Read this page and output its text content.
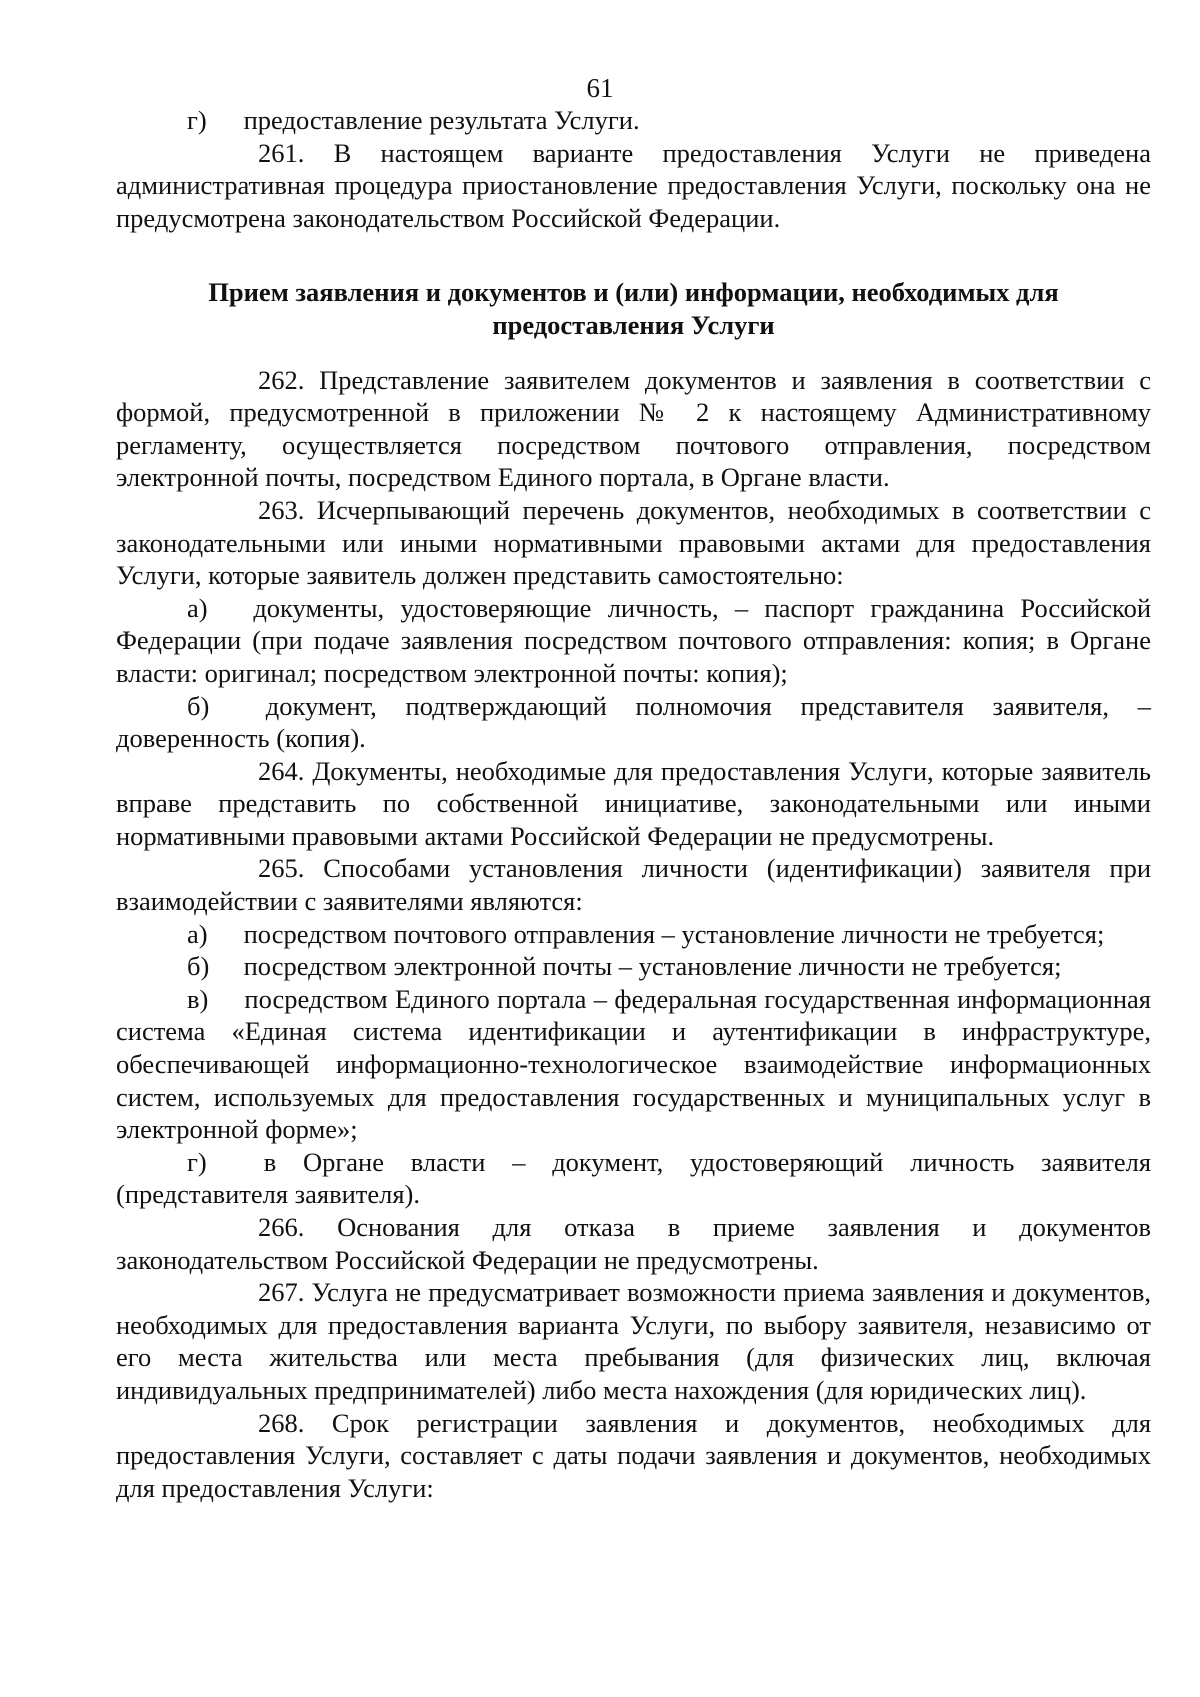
61

г) предоставление результата Услуги.

261. В настоящем варианте предоставления Услуги не приведена административная процедура приостановление предоставления Услуги, поскольку она не предусмотрена законодательством Российской Федерации.

Прием заявления и документов и (или) информации, необходимых для предоставления Услуги

262. Представление заявителем документов и заявления в соответствии с формой, предусмотренной в приложении № 2 к настоящему Административному регламенту, осуществляется посредством почтового отправления, посредством электронной почты, посредством Единого портала, в Органе власти.

263. Исчерпывающий перечень документов, необходимых в соответствии с законодательными или иными нормативными правовыми актами для предоставления Услуги, которые заявитель должен представить самостоятельно:

а) документы, удостоверяющие личность, – паспорт гражданина Российской Федерации (при подаче заявления посредством почтового отправления: копия; в Органе власти: оригинал; посредством электронной почты: копия);

б) документ, подтверждающий полномочия представителя заявителя, – доверенность (копия).

264. Документы, необходимые для предоставления Услуги, которые заявитель вправе представить по собственной инициативе, законодательными или иными нормативными правовыми актами Российской Федерации не предусмотрены.

265. Способами установления личности (идентификации) заявителя при взаимодействии с заявителями являются:

а) посредством почтового отправления – установление личности не требуется;

б) посредством электронной почты – установление личности не требуется;

в) посредством Единого портала – федеральная государственная информационная система «Единая система идентификации и аутентификации в инфраструктуре, обеспечивающей информационно-технологическое взаимодействие информационных систем, используемых для предоставления государственных и муниципальных услуг в электронной форме»;

г) в Органе власти – документ, удостоверяющий личность заявителя (представителя заявителя).

266. Основания для отказа в приеме заявления и документов законодательством Российской Федерации не предусмотрены.

267. Услуга не предусматривает возможности приема заявления и документов, необходимых для предоставления варианта Услуги, по выбору заявителя, независимо от его места жительства или места пребывания (для физических лиц, включая индивидуальных предпринимателей) либо места нахождения (для юридических лиц).

268. Срок регистрации заявления и документов, необходимых для предоставления Услуги, составляет с даты подачи заявления и документов, необходимых для предоставления Услуги:
